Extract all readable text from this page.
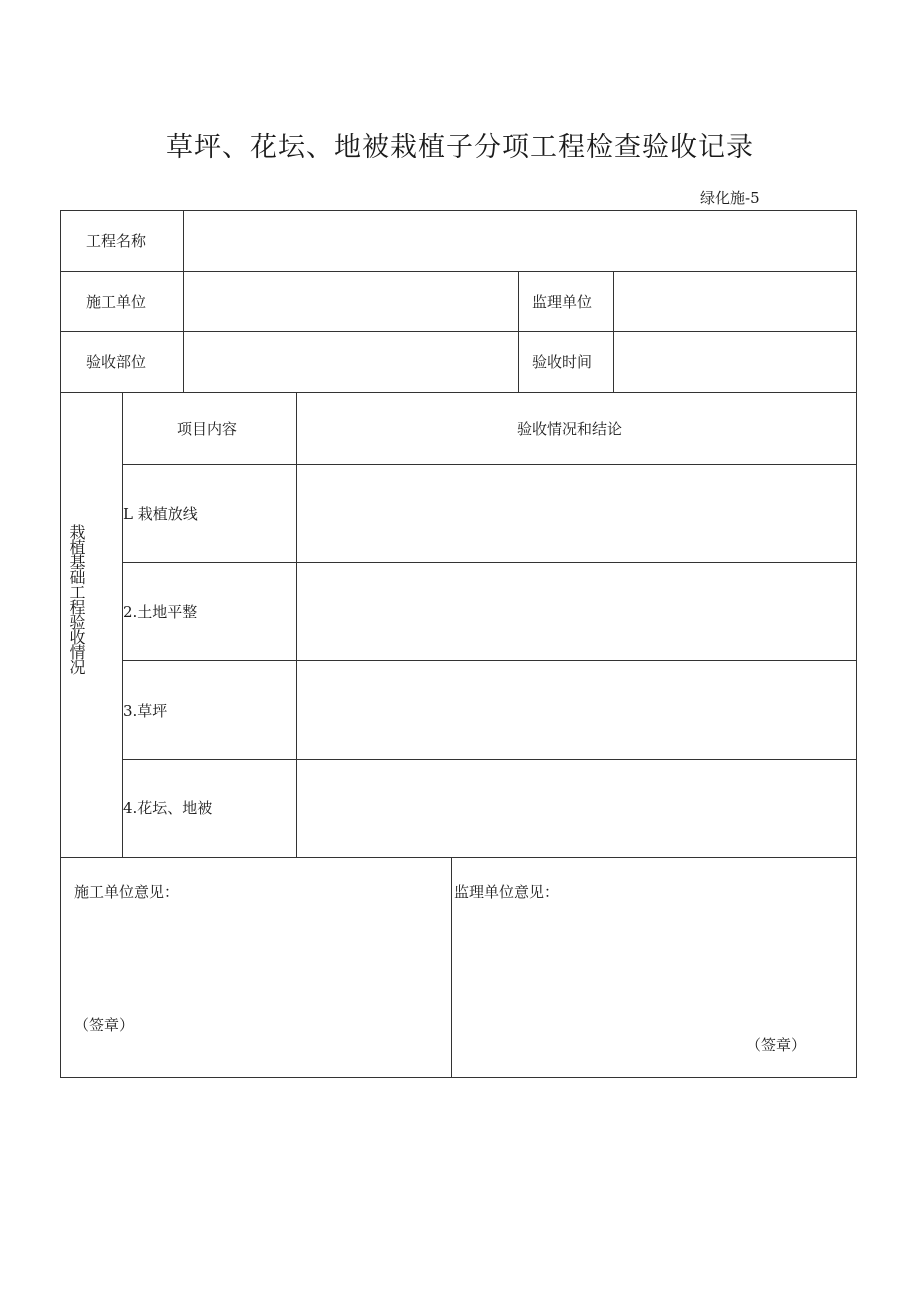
草坪、花坛、地被栽植子分项工程检查验收记录
绿化施-5
工程名称
施工单位	监理单位
验收部位	验收时间
栽植基础工程验收情况
项目内容	验收情况和结论
L 栽植放线
2.土地平整
3.草坪
4.花坛、地被
施工单位意见：
（签章）
监理单位意见：
（签章）
